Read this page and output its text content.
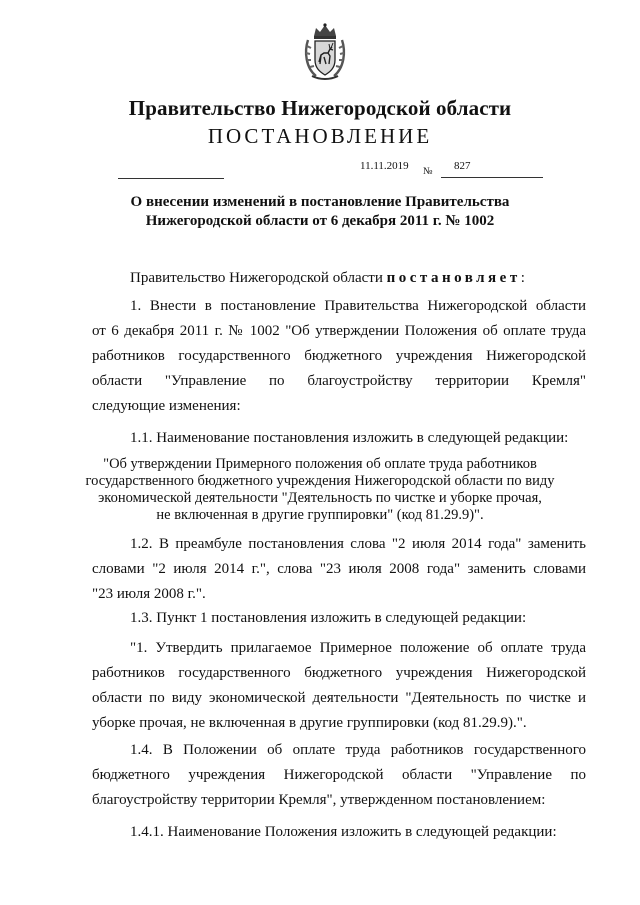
Правительство Нижегородской области
ПОСТАНОВЛЕНИЕ
11.11.2019 № 827
О внесении изменений в постановление Правительства
Нижегородской области от 6 декабря 2011 г. № 1002

Правительство Нижегородской области постановляет:

1. Внести в постановление Правительства Нижегородской области
от 6 декабря 2011 г. № 1002 "Об утверждении Положения об оплате труда
работников государственного бюджетного учреждения Нижегородской
области "Управление по благоустройству территории Кремля"
следующие изменения:
1.1. Наименование постановления изложить в следующей редакции:
"Об утверждении Примерного положения об оплате труда работников
государственного бюджетного учреждения Нижегородской области по виду
экономической деятельности "Деятельность по чистке и уборке прочая,
не включенная в другие группировки" (код 81.29.9)".
1.2. В преамбуле постановления слова "2 июля 2014 года" заменить
словами "2 июля 2014 г.", слова "23 июля 2008 года" заменить словами
"23 июля 2008 г.".
1.3. Пункт 1 постановления изложить в следующей редакции:
"1. Утвердить прилагаемое Примерное положение об оплате труда
работников государственного бюджетного учреждения Нижегородской
области по виду экономической деятельности "Деятельность по чистке и
уборке прочая, не включенная в другие группировки (код 81.29.9).".
1.4. В Положении об оплате труда работников государственного
бюджетного учреждения Нижегородской области "Управление по
благоустройству территории Кремля", утвержденном постановлением:
1.4.1. Наименование Положения изложить в следующей редакции:
